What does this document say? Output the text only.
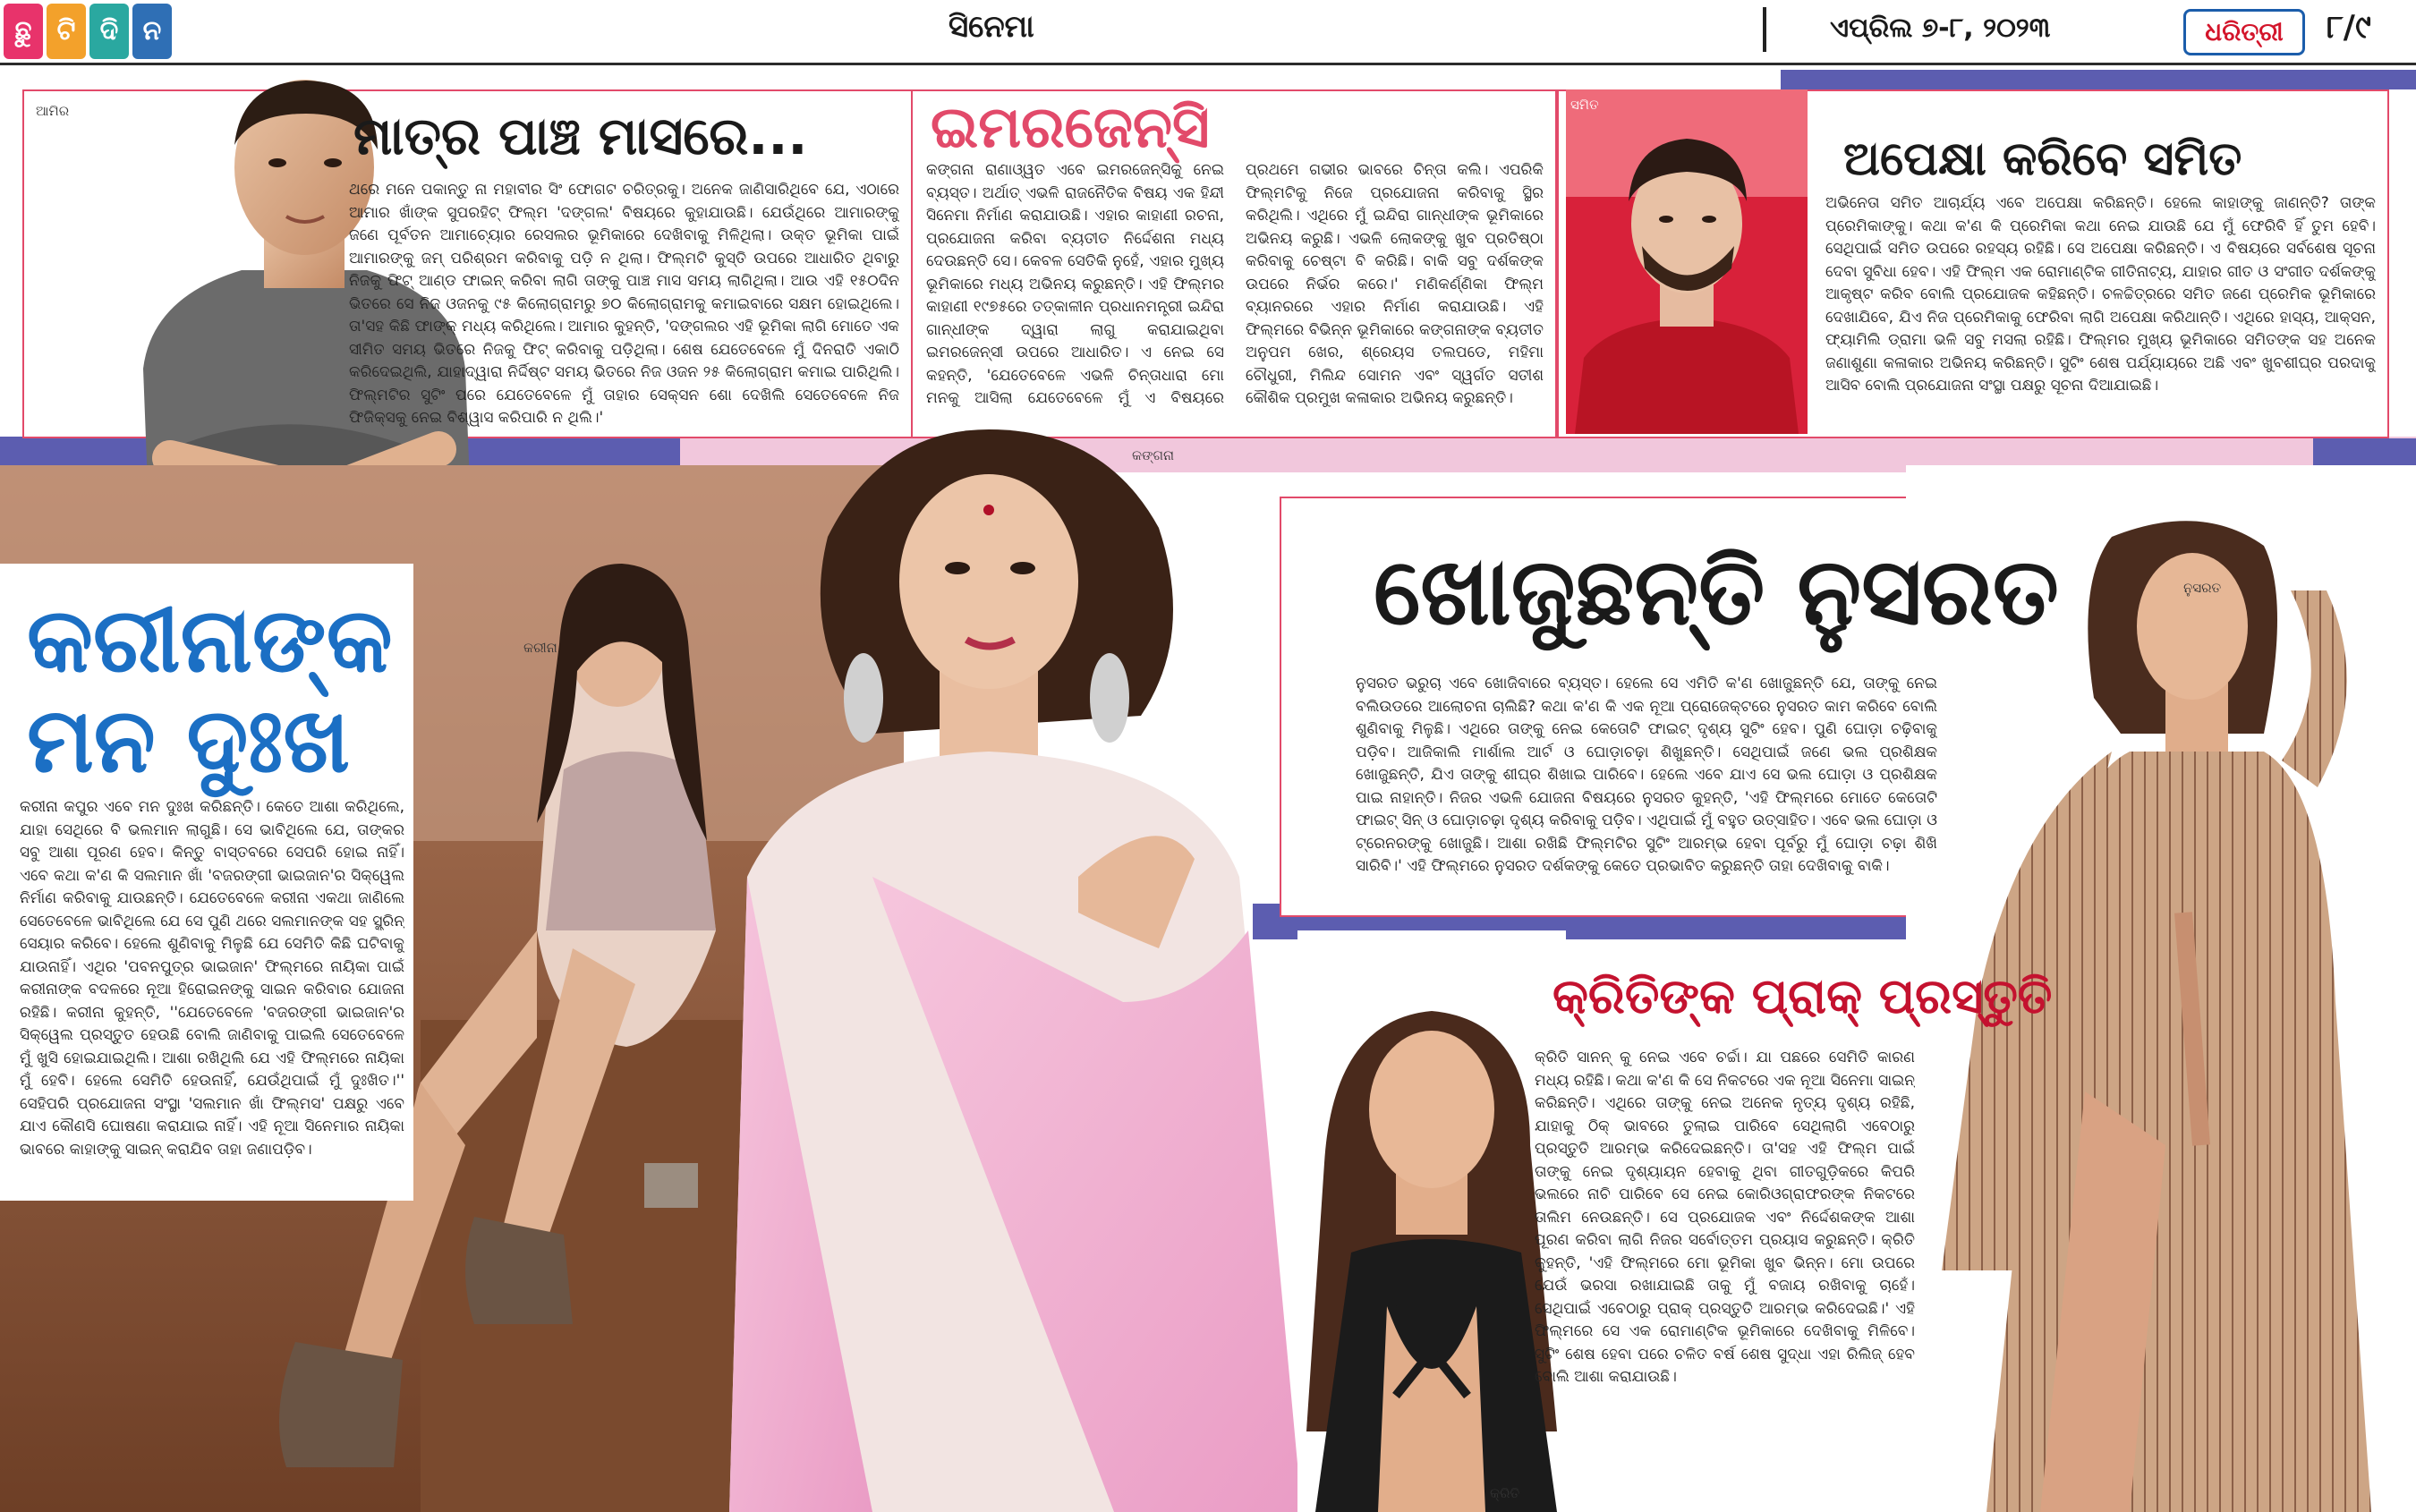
ଛୁ ଟି ଦି ନ	ସିନେମା	ଏପ୍ରିଲ ୭-୮, ୨୦୨୩	ଧରିତ୍ରୀ	୮/୯
ଆମିର	ମାତ୍ର ପାଞ୍ଚ ମାସରେ...
ଥରେ ମନେ ପକାନ୍ତୁ ନା ମହାବୀର ସିଂ ଫୋଗଟ ଚରିତ୍ରକୁ। ଅନେକ ଜାଣିସାରିଥିବେ ଯେ, ଏଠାରେ ଆମାର ଖାଁଙ୍କ ସୁପରହିଟ୍ ଫିଲ୍ମ 'ଦଙ୍ଗଲ' ବିଷୟରେ କୁହାଯାଉଛି। ଯେଉଁଥିରେ ଆମାରଙ୍କୁ ଜଣେ ପୂର୍ବତନ ଆମାଚ୍ୟୋର ରେସଲର ଭୂମିକାରେ ଦେଖିବାକୁ ମିଳିଥିଲା। ଉକ୍ତ ଭୂମିକା ପାଇଁ ଆମାରଙ୍କୁ ଜମ୍ ପରିଶ୍ରମ କରିବାକୁ ପଡ଼ି ନ ଥିଲା। ଫିଲ୍ମଟି କୁସ୍ତି ଉପରେ ଆଧାରିତ ଥିବାରୁ ନିଜକୁ ଫିଟ୍ ଆଣ୍ଡ ଫାଇନ୍ କରିବା ଲାଗି ତାଙ୍କୁ ପାଞ୍ଚ ମାସ ସମୟ ଲାଗିଥିଲା। ଆଉ ଏହି ୧୫୦ଦିନ ଭିତରେ ସେ ନିଜ ଓଜନକୁ ୯୫ କିଲୋଗ୍ରାମରୁ ୭୦ କିଲୋଗ୍ରାମକୁ କମାଇବାରେ ସକ୍ଷମ ହୋଇଥିଲେ। ତା'ସହ କିଛି ଫାଙ୍କ୍ ମଧ୍ୟ କରିଥିଲେ। ଆମାର କୁହନ୍ତି, 'ଦଙ୍ଗଲର ଏହି ଭୂମିକା ଲାଗି ମୋତେ ଏକ ସୀମିତ ସମୟ ଭିତରେ ନିଜକୁ ଫିଟ୍ କରିବାକୁ ପଡ଼ିଥିଲା। ଶେଷ ଯେତେବେଳେ ମୁଁ ଦିନରାତି ଏକାଠି କରିଦେଇଥିଲି, ଯାହାଦ୍ୱାରା ନିର୍ଦ୍ଦିଷ୍ଟ ସମୟ ଭିତରେ ନିଜ ଓଜନ ୨୫ କିଲୋଗ୍ରାମ କମାଇ ପାରିଥିଲି। ଫିଲ୍ମଟିର ସୁଟିଂ ପରେ ଯେତେବେଳେ ମୁଁ ତାହାର ସେକ୍ସନ ଶୋ ଦେଖିଲି ସେତେବେଳେ ନିଜ ଫିଜିକ୍ସକୁ ନେଇ ବିଶ୍ୱାସ କରିପାରି ନ ଥିଲି।'
ଇମରଜେନ୍ସି
କଙ୍ଗନା ରାଣାଓ୍ୱତ ଏବେ ଇମରଜେନ୍ସିକୁ ନେଇ ବ୍ୟସ୍ତ। ଅର୍ଥାତ୍ ଏଭଳି ରାଜନୈତିକ ବିଷୟ ଏକ ହିନ୍ଦୀ ସିନେମା ନିର୍ମାଣ କରାଯାଉଛି। ଏହାର କାହାଣୀ ରଚନା, ପ୍ରଯୋଜନା କରିବା ବ୍ୟତୀତ ନିର୍ଦ୍ଦେଶନା ମଧ୍ୟ ଦେଉଛନ୍ତି ସେ। କେବଳ ସେତିକି ନୁହେଁ, ଏହାର ମୁଖ୍ୟ ଭୂମିକାରେ ମଧ୍ୟ ଅଭିନୟ କରୁଛନ୍ତି। ଏହି ଫିଲ୍ମର କାହାଣୀ ୧୯୭୫ରେ ତତ୍କାଳୀନ ପ୍ରଧାନମନ୍ତ୍ରୀ ଇନ୍ଦିରା ଗାନ୍ଧୀଙ୍କ ଦ୍ୱାରା ଲାଗୁ କରାଯାଇଥିବା ଇମରଜେନ୍ସୀ ଉପରେ ଆଧାରିତ। ଏ ନେଇ ସେ କହନ୍ତି, 'ଯେତେବେଳେ ଏଭଳି ଚିନ୍ତାଧାରା ମୋ ମନକୁ ଆସିଲା ଯେତେବେଳେ ମୁଁ ଏ ବିଷୟରେ ପ୍ରଥମେ ଗଭୀର ଭାବରେ ଚିନ୍ତା କଲି। ଏପରିକି ଫିଲ୍ମଟିକୁ ନିଜେ ପ୍ରଯୋଜନା କରିବାକୁ ସ୍ଥିର କରିଥିଲି। ଏଥିରେ ମୁଁ ଇନ୍ଦିରା ଗାନ୍ଧୀଙ୍କ ଭୂମିକାରେ ଅଭିନୟ କରୁଛି। ଏଭଳି ଲୋକଙ୍କୁ ଖୁବ ପ୍ରତିଷ୍ଠା କରିବାକୁ ଚେଷ୍ଟା ବି କରିଛି। ବାକି ସବୁ ଦର୍ଶକଙ୍କ ଉପରେ ନିର୍ଭର କରେ।' ମଣିକର୍ଣ୍ଣିକା ଫିଲ୍ମ ବ୍ୟାନରରେ ଏହାର ନିର୍ମାଣ କରାଯାଉଛି। ଏହି ଫିଲ୍ମରେ ବିଭିନ୍ନ ଭୂମିକାରେ କଙ୍ଗନାଙ୍କ ବ୍ୟତୀତ ଅନୁପମ ଖେର, ଶ୍ରେୟସ ତଲପଡେ, ମହିମା ଚୌଧୁରୀ, ମିଲିନ୍ଦ ସୋମନ ଏବଂ ସ୍ୱର୍ଗତ ସତୀଶ କୌଶିକ ପ୍ରମୁଖ କଳାକାର ଅଭିନୟ କରୁଛନ୍ତି।
ସମିତ
ଅପେକ୍ଷା କରିବେ ସମିତ
ଅଭିନେତା ସମିତ ଆଚାର୍ଯ୍ୟ ଏବେ ଅପେକ୍ଷା କରିଛନ୍ତି। ହେଲେ କାହାଙ୍କୁ ଜାଣନ୍ତି? ତାଙ୍କ ପ୍ରେମିକାଙ୍କୁ। କଥା କ'ଣ କି ପ୍ରେମିକା କଥା ନେଇ ଯାଉଛି ଯେ ମୁଁ ଫେରିବି ହିଁ ତୁମ ହେବି। ସେଥିପାଇଁ ସମିତ ଉପରେ ରହସ୍ୟ ରହିଛି। ସେ ଅପେକ୍ଷା କରିଛନ୍ତି। ଏ ବିଷୟରେ ସର୍ବଶେଷ ସୂଚନା ଦେବା ସୁବିଧା ହେବ। ଏହି ଫିଲ୍ମ ଏକ ରୋମାଣ୍ଟିକ ଗୀତିନାଟ୍ୟ, ଯାହାର ଗୀତ ଓ ସଂଗୀତ ଦର୍ଶକଙ୍କୁ ଆକୃଷ୍ଟ କରିବ ବୋଲି ପ୍ରଯୋଜକ କହିଛନ୍ତି। ଚଳଚ୍ଚିତ୍ରରେ ସମିତ ଜଣେ ପ୍ରେମିକ ଭୂମିକାରେ ଦେଖାଯିବେ, ଯିଏ ନିଜ ପ୍ରେମିକାକୁ ଫେରିବା ଲାଗି ଅପେକ୍ଷା କରିଥାନ୍ତି। ଏଥିରେ ହାସ୍ୟ, ଆକ୍ସନ, ଫ୍ୟାମିଲି ଡ୍ରାମା ଭଳି ସବୁ ମସଲା ରହିଛି। ଫିଲ୍ମର ମୁଖ୍ୟ ଭୂମିକାରେ ସମିତଙ୍କ ସହ ଅନେକ ଜଣାଶୁଣା କଳାକାର ଅଭିନୟ କରିଛନ୍ତି। ସୁଟିଂ ଶେଷ ପର୍ଯ୍ୟାୟରେ ଅଛି ଏବଂ ଖୁବଶୀଘ୍ର ପରଦାକୁ ଆସିବ ବୋଲି ପ୍ରଯୋଜନା ସଂସ୍ଥା ପକ୍ଷରୁ ସୂଚନା ଦିଆଯାଇଛି।
କରୀନାଙ୍କ
ମନ ଦୁଃଖ
କରୀନା କପୁର ଏବେ ମନ ଦୁଃଖ କରିଛନ୍ତି। କେତେ ଆଶା କରିଥିଲେ, ଯାହା ସେଥିରେ ବି ଭଲମାନ ଲାଗୁଛି। ସେ ଭାବିଥିଲେ ଯେ, ତାଙ୍କର ସବୁ ଆଶା ପୂରଣ ହେବ। କିନ୍ତୁ ବାସ୍ତବରେ ସେପରି ହୋଇ ନାହିଁ। ଏବେ କଥା କ'ଣ କି ସଲମାନ ଖାଁ 'ବଜରଙ୍ଗୀ ଭାଇଜାନ'ର ସିକ୍ୱେଲ ନିର୍ମାଣ କରିବାକୁ ଯାଉଛନ୍ତି। ଯେତେବେଳେ କରୀନା ଏକଥା ଜାଣିଲେ ସେତେବେଳେ ଭାବିଥିଲେ ଯେ ସେ ପୁଣି ଥରେ ସଲମାନଙ୍କ ସହ ସ୍କ୍ରିନ୍ ସେୟାର କରିବେ। ହେଲେ ଶୁଣିବାକୁ ମିଳୁଛି ଯେ ସେମିତି କିଛି ଘଟିବାକୁ ଯାଉନାହିଁ। ଏଥିର 'ପବନପୁତ୍ର ଭାଇଜାନ' ଫିଲ୍ମରେ ନାୟିକା ପାଇଁ କରୀନାଙ୍କ ବଦଳରେ ନୂଆ ହିରୋଇନଙ୍କୁ ସାଇନ କରିବାର ଯୋଜନା ରହିଛି। କରୀନା କୁହନ୍ତି, ''ଯେତେବେଳେ 'ବଜରଙ୍ଗୀ ଭାଇଜାନ'ର ସିକ୍ୱେଲ ପ୍ରସ୍ତୁତ ହେଉଛି ବୋଲି ଜାଣିବାକୁ ପାଇଲି ସେତେବେଳେ ମୁଁ ଖୁସି ହୋଇଯାଇଥିଲି। ଆଶା ରଖିଥିଲି ଯେ ଏହି ଫିଲ୍ମରେ ନାୟିକା ମୁଁ ହେବି। ହେଲେ ସେମିତି ହେଉନାହିଁ, ଯେଉଁଥିପାଇଁ ମୁଁ ଦୁଃଖିତ।'' ସେହିପରି ପ୍ରଯୋଜନା ସଂସ୍ଥା 'ସଲମାନ ଖାଁ ଫିଲ୍ମସ' ପକ୍ଷରୁ ଏବେ ଯାଏ କୌଣସି ଘୋଷଣା କରାଯାଇ ନାହିଁ। ଏହି ନୂଆ ସିନେମାର ନାୟିକା ଭାବରେ କାହାଙ୍କୁ ସାଇନ୍ କରାଯିବ ତାହା ଜଣାପଡ଼ିବ।
କରୀନା
କଙ୍ଗନା
ନୁସରତ
ଖୋଜୁଛନ୍ତି ନୁସରତ
ନୁସରତ ଭରୁଚା ଏବେ ଖୋଜିବାରେ ବ୍ୟସ୍ତ। ହେଲେ ସେ ଏମିତି କ'ଣ ଖୋଜୁଛନ୍ତି ଯେ, ତାଙ୍କୁ ନେଇ ବଲିଉଡରେ ଆଲୋଚନା ଚାଲିଛି? କଥା କ'ଣ କି ଏକ ନୂଆ ପ୍ରୋଜେକ୍ଟରେ ନୁସରତ କାମ କରିବେ ବୋଲି ଶୁଣିବାକୁ ମିଳୁଛି। ଏଥିରେ ତାଙ୍କୁ ନେଇ କେତୋଟି ଫାଇଟ୍ ଦୃଶ୍ୟ ସୁଟିଂ ହେବ। ପୁଣି ଘୋଡ଼ା ଚଢ଼ିବାକୁ ପଡ଼ିବ। ଆଜିକାଲି ମାର୍ଶାଲ ଆର୍ଟ ଓ ଘୋଡ଼ାଚଢ଼ା ଶିଖୁଛନ୍ତି। ସେଥିପାଇଁ ଜଣେ ଭଲ ପ୍ରଶିକ୍ଷକ ଖୋଜୁଛନ୍ତି, ଯିଏ ତାଙ୍କୁ ଶୀଘ୍ର ଶିଖାଇ ପାରିବେ। ହେଲେ ଏବେ ଯାଏ ସେ ଭଲ ଘୋଡ଼ା ଓ ପ୍ରଶିକ୍ଷକ ପାଇ ନାହାନ୍ତି। ନିଜର ଏଭଳି ଯୋଜନା ବିଷୟରେ ନୁସରତ କୁହନ୍ତି, 'ଏହି ଫିଲ୍ମରେ ମୋତେ କେତୋଟି ଫାଇଟ୍ ସିନ୍ ଓ ଘୋଡ଼ାଚଢ଼ା ଦୃଶ୍ୟ କରିବାକୁ ପଡ଼ିବ। ଏଥିପାଇଁ ମୁଁ ବହୁତ ଉତ୍ସାହିତ। ଏବେ ଭଲ ଘୋଡ଼ା ଓ ଟ୍ରେନରଙ୍କୁ ଖୋଜୁଛି। ଆଶା ରଖିଛି ଫିଲ୍ମଟିର ସୁଟିଂ ଆରମ୍ଭ ହେବା ପୂର୍ବରୁ ମୁଁ ଘୋଡ଼ା ଚଢ଼ା ଶିଖି ସାରିବି।' ଏହି ଫିଲ୍ମରେ ନୁସରତ ଦର୍ଶକଙ୍କୁ କେତେ ପ୍ରଭାବିତ କରୁଛନ୍ତି ତାହା ଦେଖିବାକୁ ବାକି।
କ୍ରିତି
କ୍ରିତିଙ୍କ ପ୍ରାକ୍ ପ୍ରସ୍ତୁତି
କ୍ରିତି ସାନନ୍ କୁ ନେଇ ଏବେ ଚର୍ଚ୍ଚା। ଯା ପଛରେ ସେମିତି କାରଣ ମଧ୍ୟ ରହିଛି। କଥା କ'ଣ କି ସେ ନିକଟରେ ଏକ ନୂଆ ସିନେମା ସାଇନ୍ କରିଛନ୍ତି। ଏଥିରେ ତାଙ୍କୁ ନେଇ ଅନେକ ନୃତ୍ୟ ଦୃଶ୍ୟ ରହିଛି, ଯାହାକୁ ଠିକ୍ ଭାବରେ ତୁଲାଇ ପାରିବେ ସେଥିଲାଗି ଏବେଠାରୁ ପ୍ରସ୍ତୁତି ଆରମ୍ଭ କରିଦେଇଛନ୍ତି। ତା'ସହ ଏହି ଫିଲ୍ମ ପାଇଁ ତାଙ୍କୁ ନେଇ ଦୃଶ୍ୟାୟନ ହେବାକୁ ଥିବା ଗୀତଗୁଡ଼ିକରେ କିପରି ଭଲରେ ନାଚି ପାରିବେ ସେ ନେଇ କୋରିଓଗ୍ରାଫରଙ୍କ ନିକଟରେ ତାଲିମ ନେଉଛନ୍ତି। ସେ ପ୍ରଯୋଜକ ଏବଂ ନିର୍ଦ୍ଦେଶକଙ୍କ ଆଶା ପୂରଣ କରିବା ଲାଗି ନିଜର ସର୍ବୋତ୍ତମ ପ୍ରୟାସ କରୁଛନ୍ତି। କ୍ରିତି କୁହନ୍ତି, 'ଏହି ଫିଲ୍ମରେ ମୋ ଭୂମିକା ଖୁବ ଭିନ୍ନ। ମୋ ଉପରେ ଯେଉଁ ଭରସା ରଖାଯାଇଛି ତାକୁ ମୁଁ ବଜାୟ ରଖିବାକୁ ଚାହେଁ। ସେଥିପାଇଁ ଏବେଠାରୁ ପ୍ରାକ୍ ପ୍ରସ୍ତୁତି ଆରମ୍ଭ କରିଦେଇଛି।' ଏହି ଫିଲ୍ମରେ ସେ ଏକ ରୋମାଣ୍ଟିକ ଭୂମିକାରେ ଦେଖିବାକୁ ମିଳିବେ। ସୁଟିଂ ଶେଷ ହେବା ପରେ ଚଳିତ ବର୍ଷ ଶେଷ ସୁଦ୍ଧା ଏହା ରିଲିଜ୍ ହେବ ବୋଲି ଆଶା କରାଯାଉଛି।
